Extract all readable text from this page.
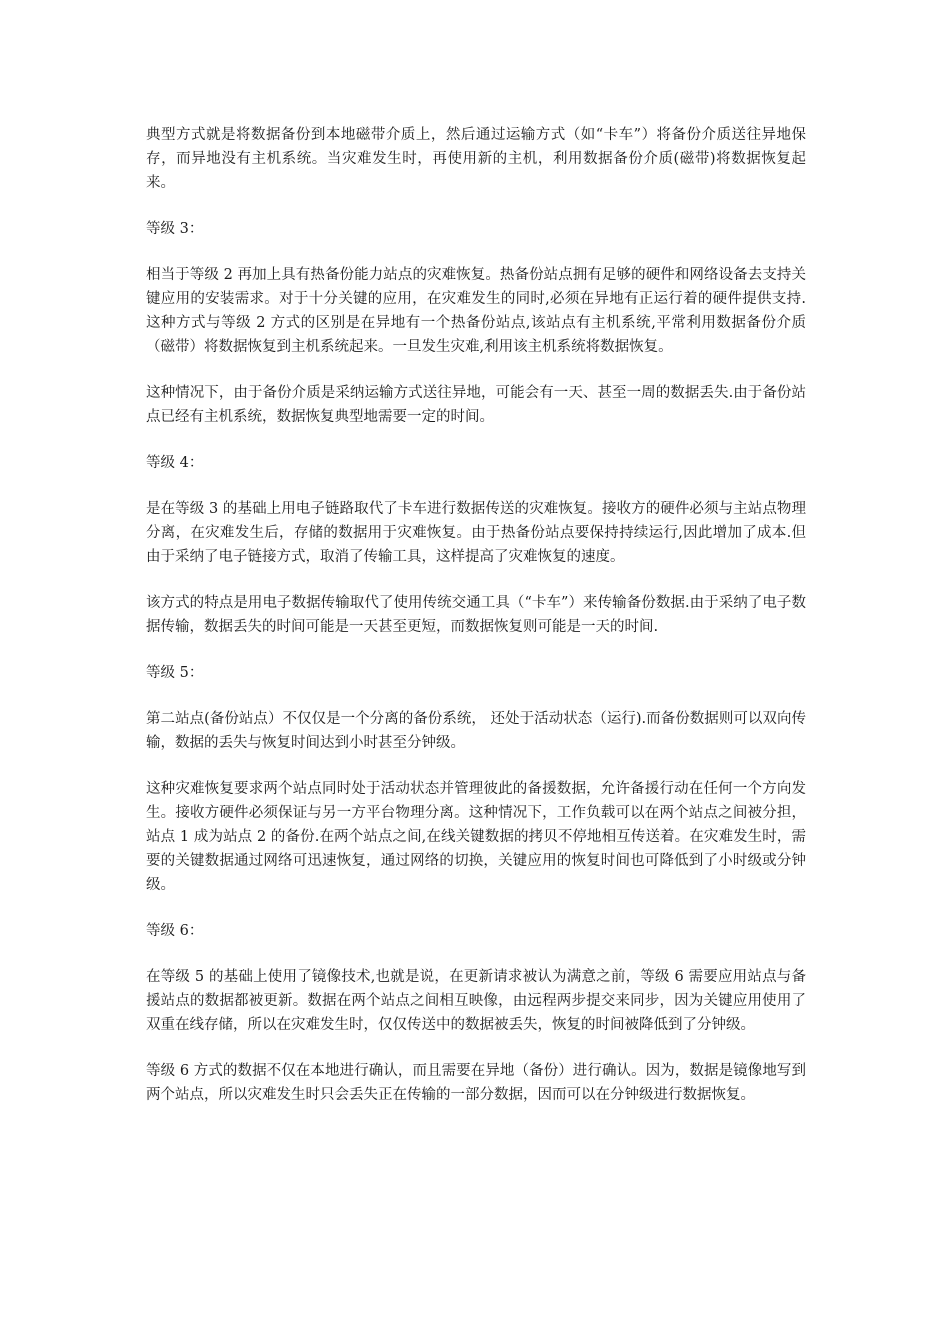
典型方式就是将数据备份到本地磁带介质上，然后通过运输方式（如“卡车”）将备份介质送往异地保存，而异地没有主机系统。当灾难发生时，再使用新的主机，利用数据备份介质(磁带)将数据恢复起来。

等级 3：

相当于等级 2 再加上具有热备份能力站点的灾难恢复。热备份站点拥有足够的硬件和网络设备去支持关键应用的安装需求。对于十分关键的应用，在灾难发生的同时,必须在异地有正运行着的硬件提供支持.这种方式与等级 2 方式的区别是在异地有一个热备份站点,该站点有主机系统,平常利用数据备份介质（磁带）将数据恢复到主机系统起来。一旦发生灾难,利用该主机系统将数据恢复。

这种情况下，由于备份介质是采纳运输方式送往异地，可能会有一天、甚至一周的数据丢失.由于备份站点已经有主机系统，数据恢复典型地需要一定的时间。

等级 4：

是在等级 3 的基础上用电子链路取代了卡车进行数据传送的灾难恢复。接收方的硬件必须与主站点物理分离，在灾难发生后，存储的数据用于灾难恢复。由于热备份站点要保持持续运行,因此增加了成本.但由于采纳了电子链接方式，取消了传输工具，这样提高了灾难恢复的速度。

该方式的特点是用电子数据传输取代了使用传统交通工具（“卡车”）来传输备份数据.由于采纳了电子数据传输，数据丢失的时间可能是一天甚至更短，而数据恢复则可能是一天的时间.

等级 5：

第二站点(备份站点）不仅仅是一个分离的备份系统， 还处于活动状态（运行).而备份数据则可以双向传输，数据的丢失与恢复时间达到小时甚至分钟级。

这种灾难恢复要求两个站点同时处于活动状态并管理彼此的备援数据，允许备援行动在任何一个方向发生。接收方硬件必须保证与另一方平台物理分离。这种情况下，工作负载可以在两个站点之间被分担，站点 1 成为站点 2 的备份.在两个站点之间,在线关键数据的拷贝不停地相互传送着。在灾难发生时，需要的关键数据通过网络可迅速恢复，通过网络的切换，关键应用的恢复时间也可降低到了小时级或分钟级。

等级 6：

在等级 5 的基础上使用了镜像技术,也就是说，在更新请求被认为满意之前，等级 6 需要应用站点与备援站点的数据都被更新。数据在两个站点之间相互映像，由远程两步提交来同步，因为关键应用使用了双重在线存储，所以在灾难发生时，仅仅传送中的数据被丢失，恢复的时间被降低到了分钟级。

等级 6 方式的数据不仅在本地进行确认，而且需要在异地（备份）进行确认。因为，数据是镜像地写到两个站点，所以灾难发生时只会丢失正在传输的一部分数据，因而可以在分钟级进行数据恢复。
